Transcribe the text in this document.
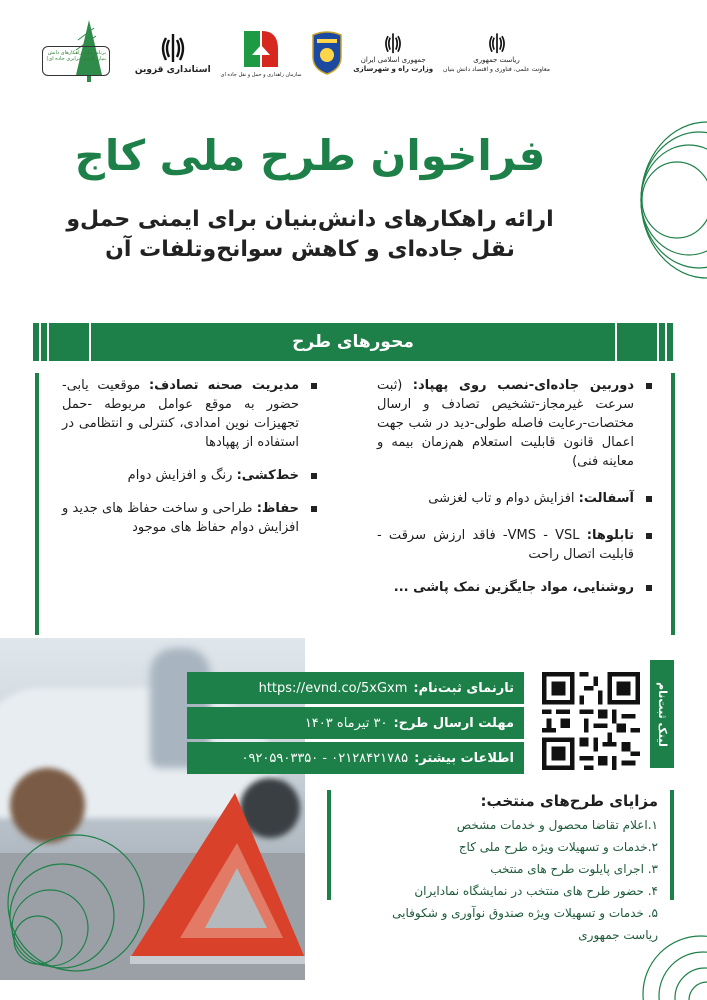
برنامه ملی راهکارهای دانش بنیان (ایمنی ترابری جاده ای)
استانداری قزوین سازمان راهداری و حمل و نقل جاده ای
جمهوری اسلامی ایران
وزارت راه و شهرسازی
ریاست جمهوری
معاونت علمی، فناوری و اقتصاد دانش بنیان
فراخوان طرح ملی کاج
ارائه راهکارهای دانش‌بنیان برای ایمنی حمل‌و
نقل جاده‌ای و کاهش سوانح‌وتلفات آن
محورهای طرح
دوربین جاده‌ای-نصب روی پهپاد: (ثبت سرعت غیرمجاز-تشخیص تصادف و ارسال مختصات-رعایت فاصله طولی-دید در شب جهت اعمال قانون قابلیت استعلام هم‌زمان بیمه و معاینه فنی)
آسفالت: افزایش دوام و تاب لغزشی
تابلوها: VMS - VSL- فاقد ارزش سرقت - قابلیت اتصال راحت
روشنایی، مواد جایگزین نمک پاشی ...
مدیریت صحنه تصادف: موقعیت یابی-حضور به موقع عوامل مربوطه -حمل تجهیزات نوین امدادی، کنترلی و انتظامی در استفاده از پهپادها
خط‌کشی: رنگ و افزایش دوام
حفاظ: طراحی و ساخت حفاظ های جدید و افزایش دوام حفاظ های موجود
تارنمای ثبت‌نام:
https://evnd.co/5xGxm
مهلت ارسال طرح:
۳۰ تیرماه ۱۴۰۳
اطلاعات بیشتر:
۰۲۱۲۸۴۲۱۷۸۵ - ۰۹۲۰۵۹۰۳۳۵۰
لینک ثبت‌نام
مزایای طرح‌های منتخب:
۱.اعلام تقاضا محصول و خدمات مشخص
۲.خدمات و تسهیلات ویژه طرح ملی کاج
۳. اجرای پایلوت طرح های منتخب
۴. حضور طرح های منتخب در نمایشگاه نمادایران
۵. خدمات و تسهیلات ویژه صندوق نوآوری و شکوفایی
ریاست جمهوری
